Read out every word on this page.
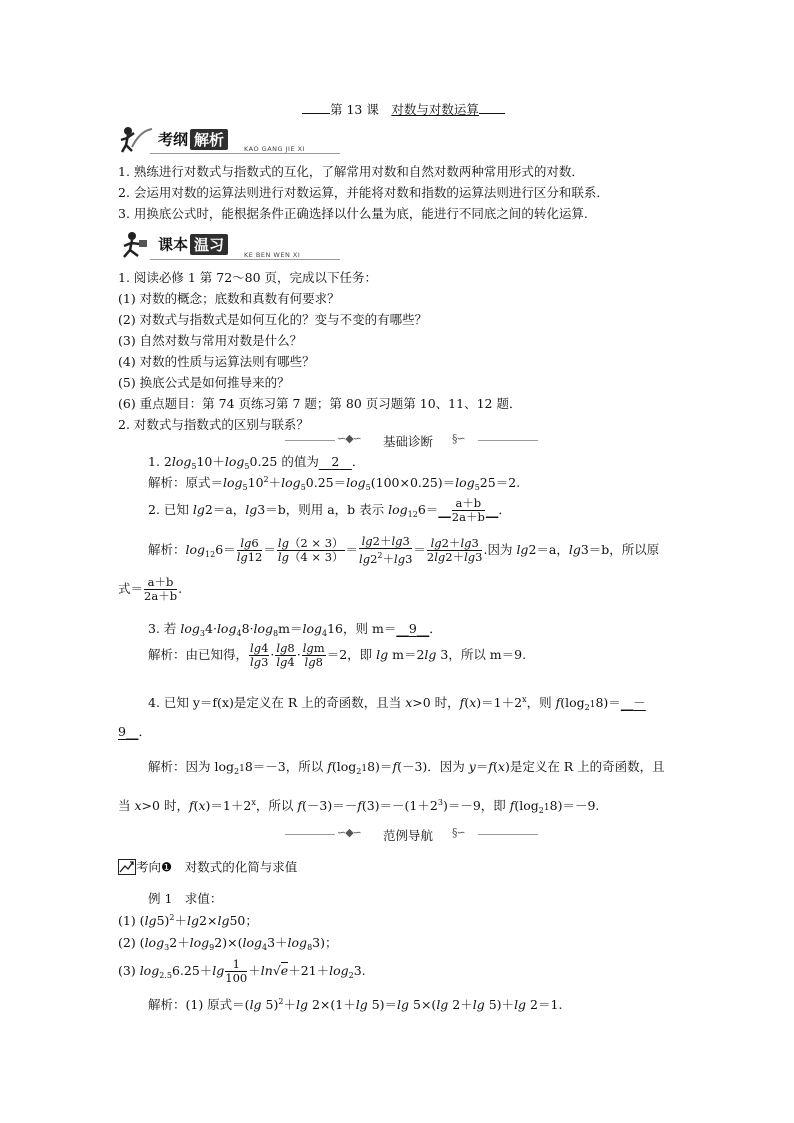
第 13 课　 对数与对数运算
考纲 解析
KAO GANG JIE XI
1. 熟练进行对数式与指数式的互化，了解常用对数和自然对数两种常用形式的对数．
2. 会运用对数的运算法则进行对数运算，并能将对数和指数的运算法则进行区分和联系．
3. 用换底公式时，能根据条件正确选择以什么量为底，能进行不同底之间的转化运算.
课本 温习
KE BEN WEN XI
1. 阅读必修 1 第 72～80 页，完成以下任务：
(1) 对数的概念；底数和真数有何要求？
(2) 对数式与指数式是如何互化的？变与不变的有哪些？
(3) 自然对数与常用对数是什么？
(4) 对数的性质与运算法则有哪些？
(5) 换底公式是如何推导来的？
(6) 重点题目：第 74 页练习第 7 题；第 80 页习题第 10、11、12 题．
2. 对数式与指数式的区别与联系？
∽◆∽ 基础诊断 §∽
1. $2\log_510+\log_50.25$ 的值为　 2　 ．
解析：原式$=\log_510^2+\log_50.25=\log_5(100\times 0.25)=\log_525=2$.
2. 已知 lg2＝a，lg3＝b，则用 a，b 表示 $\log_{12}6=\_\_ \frac{a+b}{2a+b}$ __．
解析：$\log_{12}6= \frac{\lg 6}{\lg 12} = \frac{\lg(2 \times 3)}{\lg(4 \times 3)} = \frac{\lg 2+\lg 3}{\lg 2^2+\lg 3} = \frac{\lg 2+\lg 3}{2\lg 2+\lg 3}$ .因为 lg2＝a，lg3＝b，所以原
式＝ $\frac{a+b}{2a+b}$ .
3. 若 $\log_34\cdot\log_48\cdot\log_8m=\log_416$，则 m＝__9__．
解析：由已知得， $\frac{\lg 4}{\lg 3} \cdot \frac{\lg 8}{\lg 4} \cdot \frac{\lg m}{\lg 8} =2$，即 lg m＝2lg 3，所以 m＝9.
4. 已知 y＝f(x)是定义在 R 上的奇函数，且当 x>0 时，$f(x)=1+2^x$，则 $f(\log_218)=\_\_-$
9__．
解析：因为 $\log_218=-3$，所以 $f(\log_218)=f(-3)$．因为 y＝f(x)是定义在 R 上的奇函数，且
当 x>0 时，$f(x)=1+2^x$，所以 $f(-3)=-f(3)=-(1+2^3)=-9$，即 $f(\log_218)=-9$.
∽◆∽ 范例导航 §∽
考向❶　 对数式的化简与求值
例 1　求值：
(1) $(\lg 5)^2+\lg 2\times\lg 50$；
(2) $(\log_32+\log_92)\times(\log_43+\log_83)$；
(3) $\log_{2.5}6.25+\lg \frac{1}{100} +\ln√e+21+\log_23$.
解析：(1) 原式＝(lg 5)$^2$＋lg 2×(1＋lg 5)＝lg 5×(lg 2＋lg 5)＋lg 2＝1.
